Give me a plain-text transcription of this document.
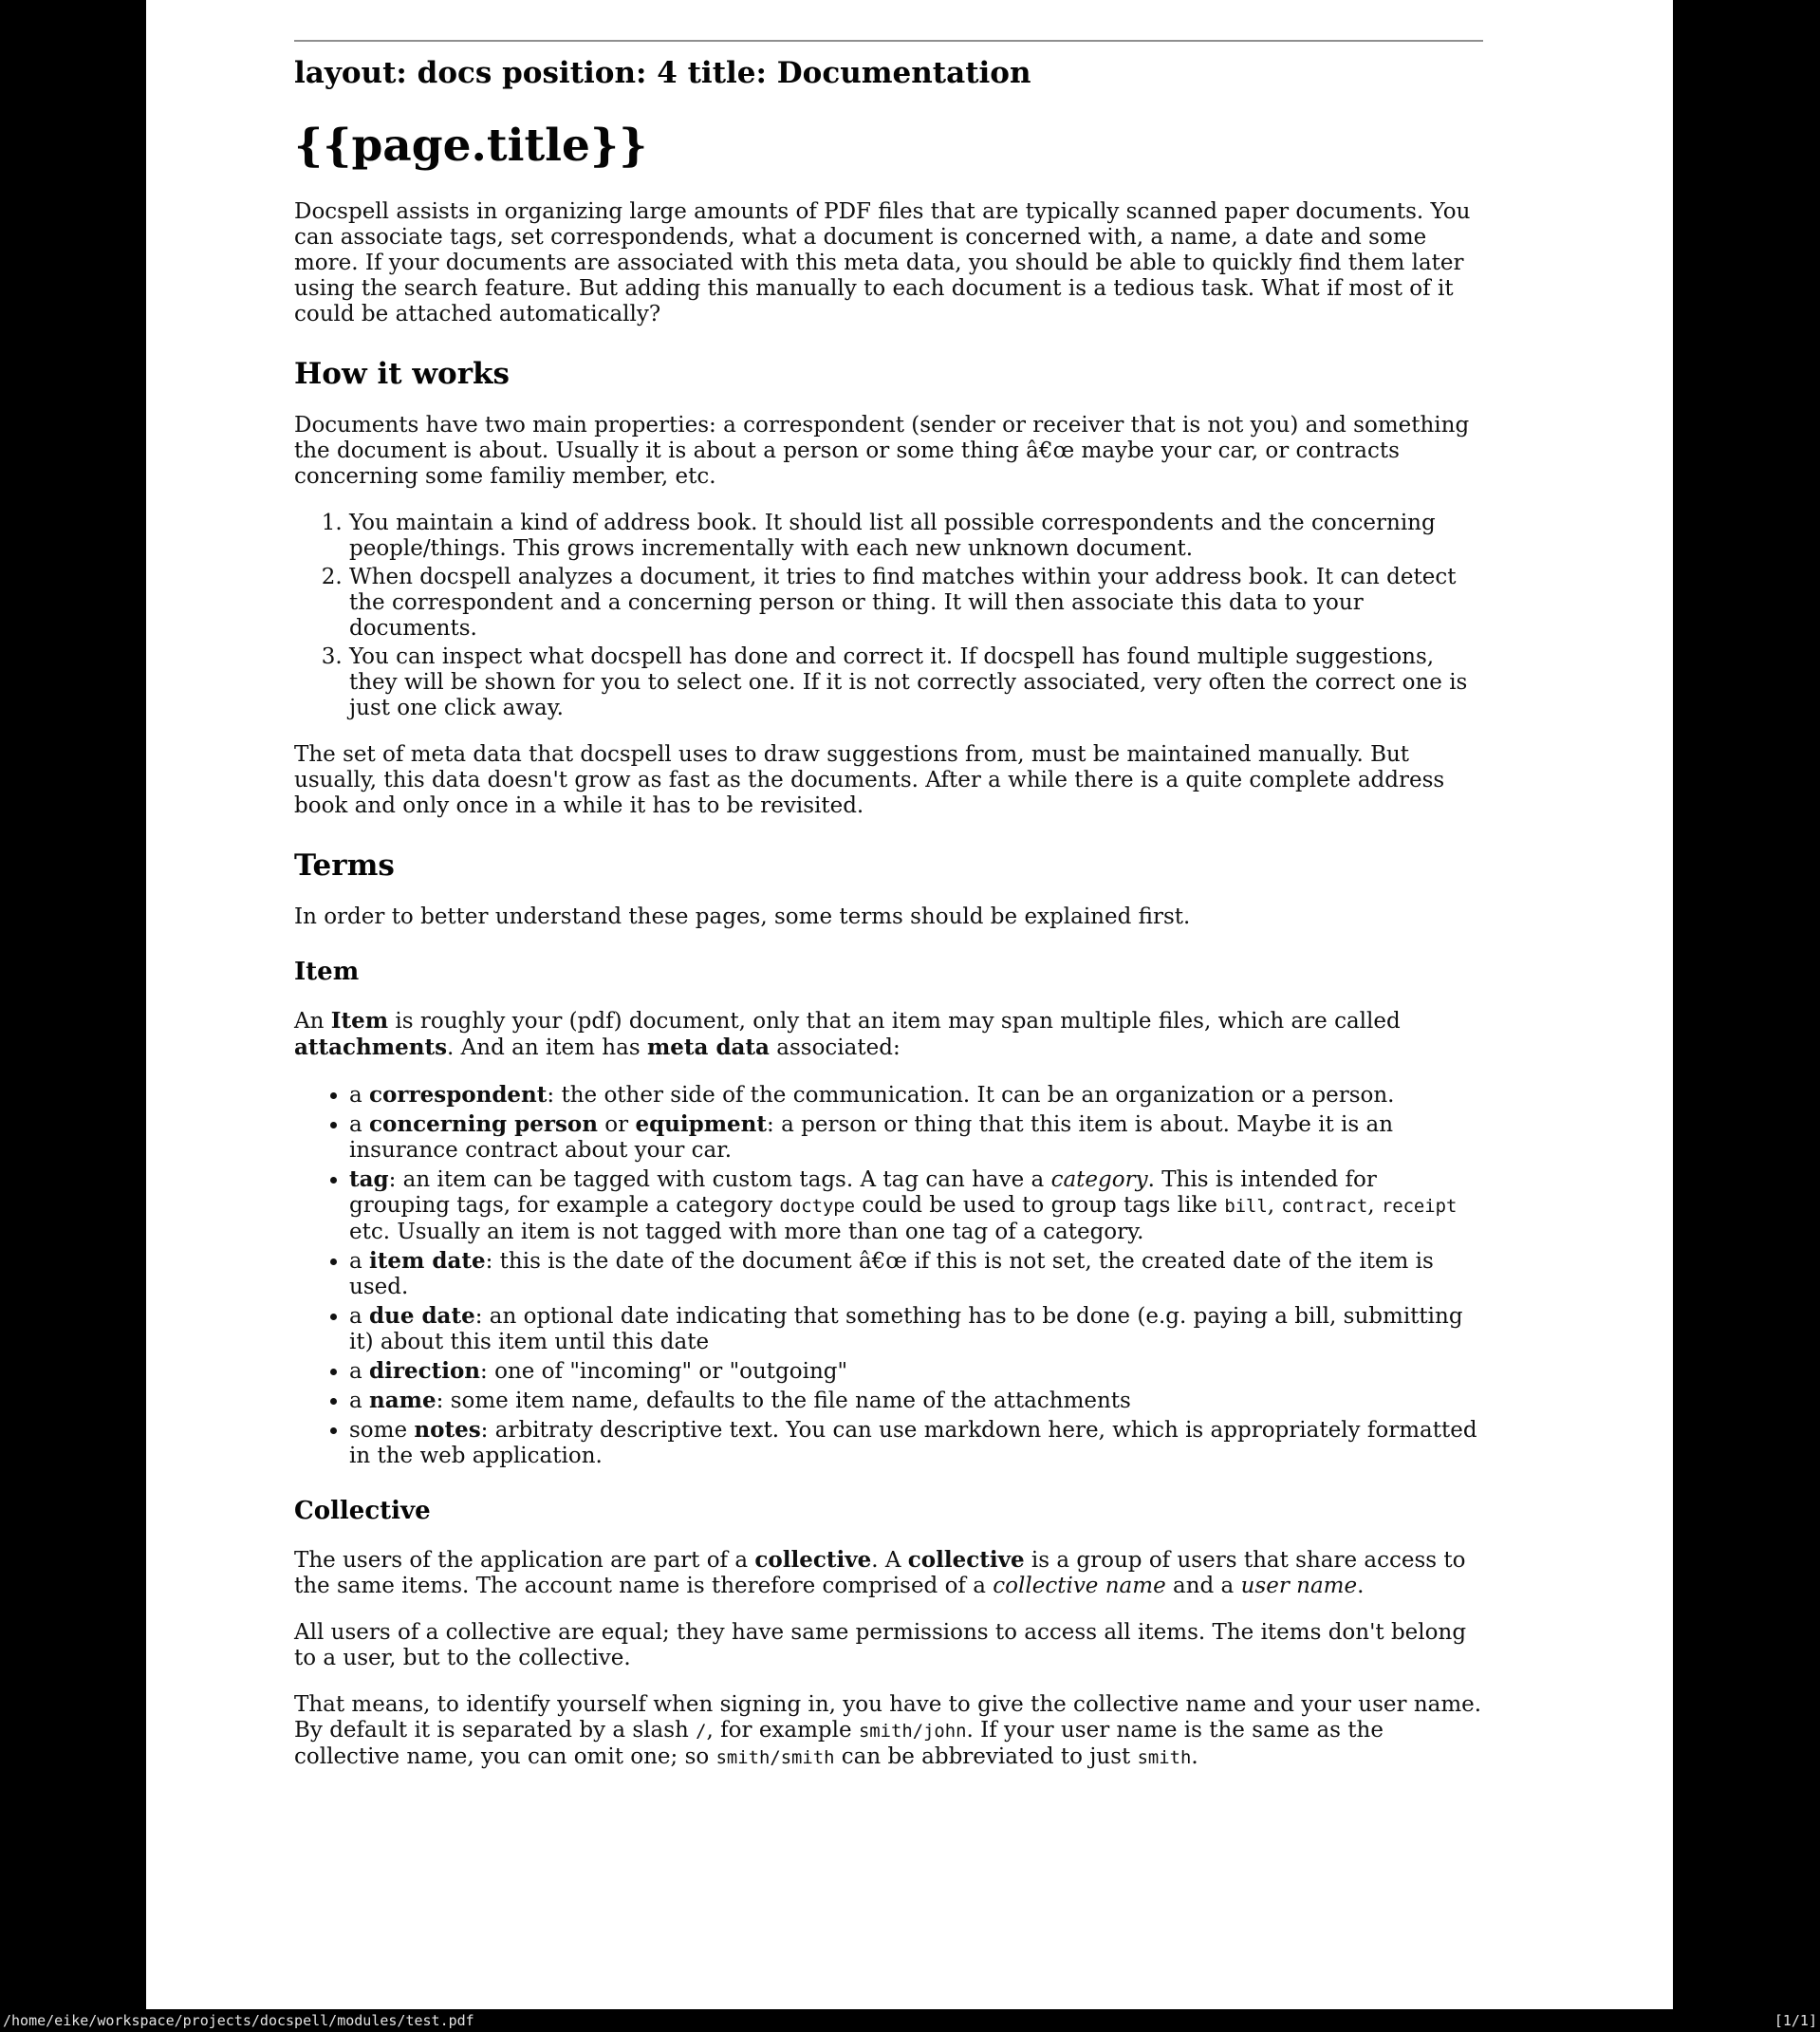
layout: docs position: 4 title: Documentation
{{page.title}}

Docspell assists in organizing large amounts of PDF files that are typically scanned paper documents. You can associate tags, set correspondends, what a document is concerned with, a name, a date and some more. If your documents are associated with this meta data, you should be able to quickly find them later using the search feature. But adding this manually to each document is a tedious task. What if most of it could be attached automatically?

How it works

Documents have two main properties: a correspondent (sender or receiver that is not you) and something the document is about. Usually it is about a person or some thing â€œ maybe your car, or contracts concerning some familiy member, etc.

1. You maintain a kind of address book. It should list all possible correspondents and the concerning people/things. This grows incrementally with each new unknown document.
2. When docspell analyzes a document, it tries to find matches within your address book. It can detect the correspondent and a concerning person or thing. It will then associate this data to your documents.
3. You can inspect what docspell has done and correct it. If docspell has found multiple suggestions, they will be shown for you to select one. If it is not correctly associated, very often the correct one is just one click away.

The set of meta data that docspell uses to draw suggestions from, must be maintained manually. But usually, this data doesn't grow as fast as the documents. After a while there is a quite complete address book and only once in a while it has to be revisited.

Terms

In order to better understand these pages, some terms should be explained first.

Item

An Item is roughly your (pdf) document, only that an item may span multiple files, which are called attachments. And an item has meta data associated:

• a correspondent: the other side of the communication. It can be an organization or a person.
• a concerning person or equipment: a person or thing that this item is about. Maybe it is an insurance contract about your car.
• tag: an item can be tagged with custom tags. A tag can have a category. This is intended for grouping tags, for example a category doctype could be used to group tags like bill, contract, receipt etc. Usually an item is not tagged with more than one tag of a category.
• a item date: this is the date of the document â€œ if this is not set, the created date of the item is used.
• a due date: an optional date indicating that something has to be done (e.g. paying a bill, submitting it) about this item until this date
• a direction: one of "incoming" or "outgoing"
• a name: some item name, defaults to the file name of the attachments
• some notes: arbitraty descriptive text. You can use markdown here, which is appropriately formatted in the web application.
Collective

The users of the application are part of a collective. A collective is a group of users that share access to the same items. The account name is therefore comprised of a collective name and a user name.

All users of a collective are equal; they have same permissions to access all items. The items don't belong to a user, but to the collective.

That means, to identify yourself when signing in, you have to give the collective name and your user name. By default it is separated by a slash /, for example smith/john. If your user name is the same as the collective name, you can omit one; so smith/smith can be abbreviated to just smith.

/home/eike/workspace/projects/docspell/modules/test.pdf	[1/1]
